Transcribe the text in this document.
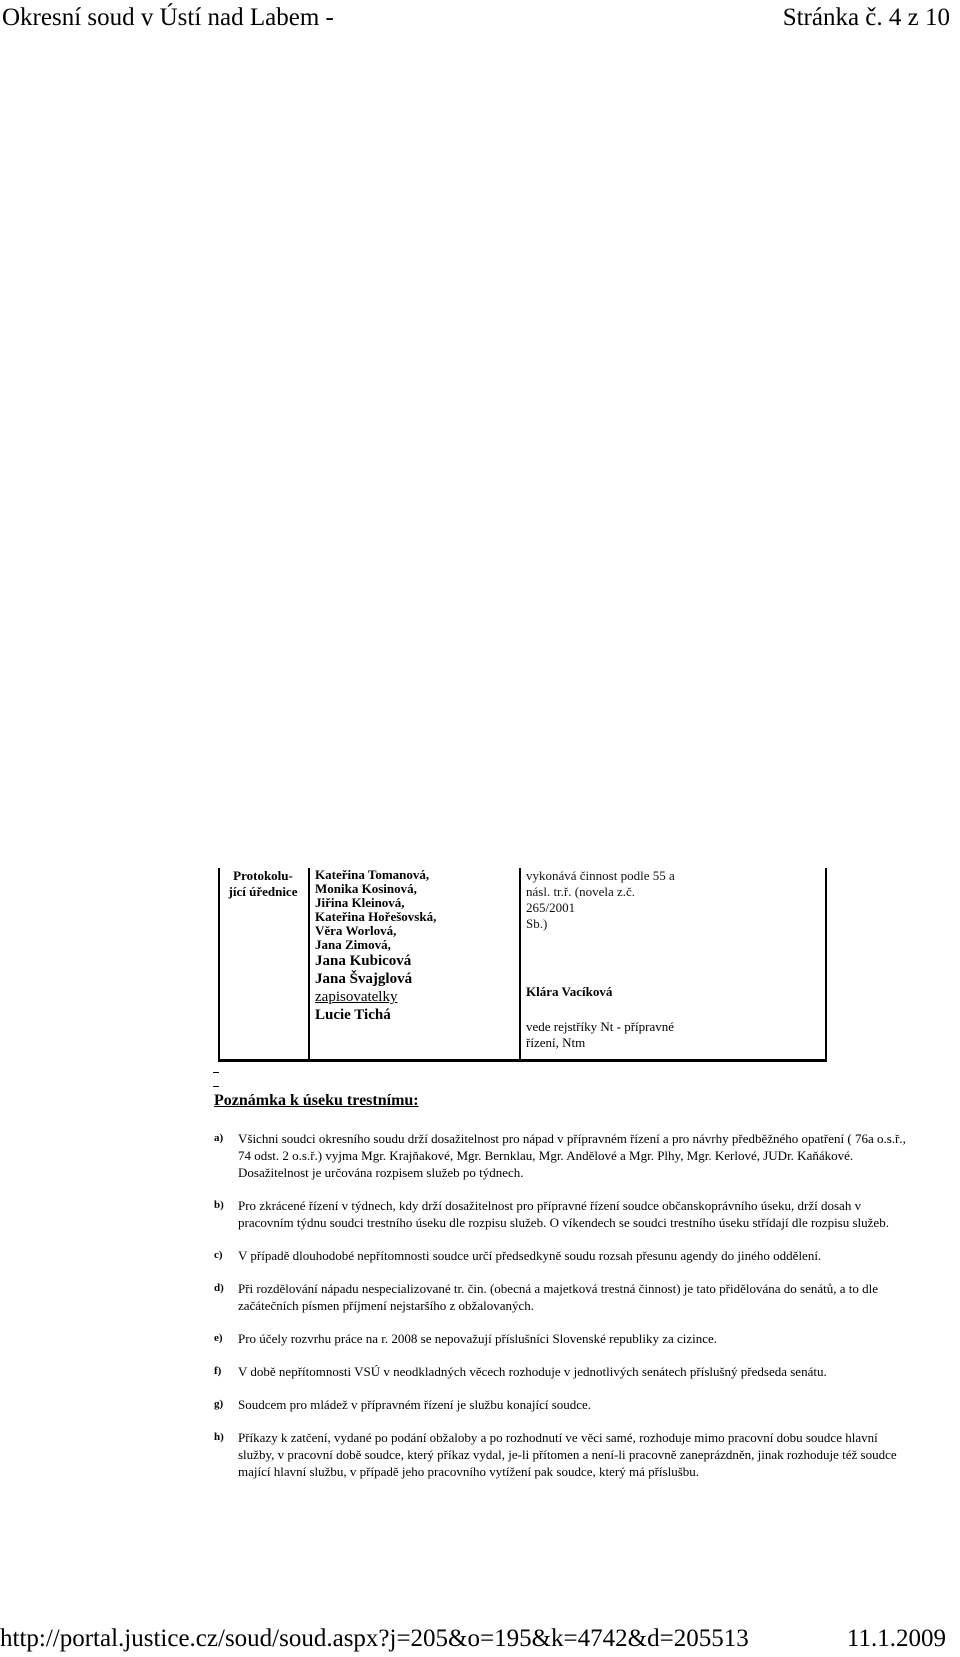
Okresní soud v Ústí nad Labem -	Stránka č. 4 z 10
Protokolu-
jící úřednice
Kateřina Tomanová,
Monika Kosinová,
Jiřina Kleinová,
Kateřina Hořešovská,
Věra Worlová,
Jana Zimová,
Jana Kubicová
Jana Švajglová
zapisovatelky
Lucie Tichá
vykonává činnost podle 55 a
násl. tr.ř. (novela z.č. 265/2001
Sb.)
Klára Vacíková
vede rejstříky Nt - přípravné
řízení, Ntm
Poznámka k úseku trestnímu:
a) Všichni soudci okresního soudu drží dosažitelnost pro nápad v přípravném řízení a pro návrhy předběžného opatření ( 76a o.s.ř., 74 odst. 2 o.s.ř.) vyjma Mgr. Krajňakové, Mgr. Bernklau, Mgr. Andělové a Mgr. Plhy, Mgr. Kerlové, JUDr. Kaňákové. Dosažitelnost je určována rozpisem služeb po týdnech.

b) Pro zkrácené řízení v týdnech, kdy drží dosažitelnost pro přípravné řízení soudce občanskoprávního úseku, drží dosah v pracovním týdnu soudci trestního úseku dle rozpisu služeb. O víkendech se soudci trestního úseku střídají dle rozpisu služeb.

c) V případě dlouhodobé nepřítomnosti soudce určí předsedkyně soudu rozsah přesunu agendy do jiného oddělení.

d) Při rozdělování nápadu nespecializované tr. čin. (obecná a majetková trestná činnost) je tato přidělována do senátů, a to dle začátečních písmen příjmení nejstaršího z obžalovaných.

e) Pro účely rozvrhu práce na r. 2008 se nepovažují příslušníci Slovenské republiky za cizince.

f) V době nepřítomnosti VSÚ v neodkladných věcech rozhoduje v jednotlivých senátech příslušný předseda senátu.

g) Soudcem pro mládež v přípravném řízení je službu konající soudce.

h) Příkazy k zatčení, vydané po podání obžaloby a po rozhodnutí ve věci samé, rozhoduje mimo pracovní dobu soudce hlavní služby, v pracovní době soudce, který příkaz vydal, je-li přítomen a není-li pracovně zaneprázdněn, jinak rozhoduje též soudce mající hlavní službu, v případě jeho pracovního vytížení pak soudce, který má příslušbu.

http://portal.justice.cz/soud/soud.aspx?j=205&o=195&k=4742&d=205513	11.1.2009
